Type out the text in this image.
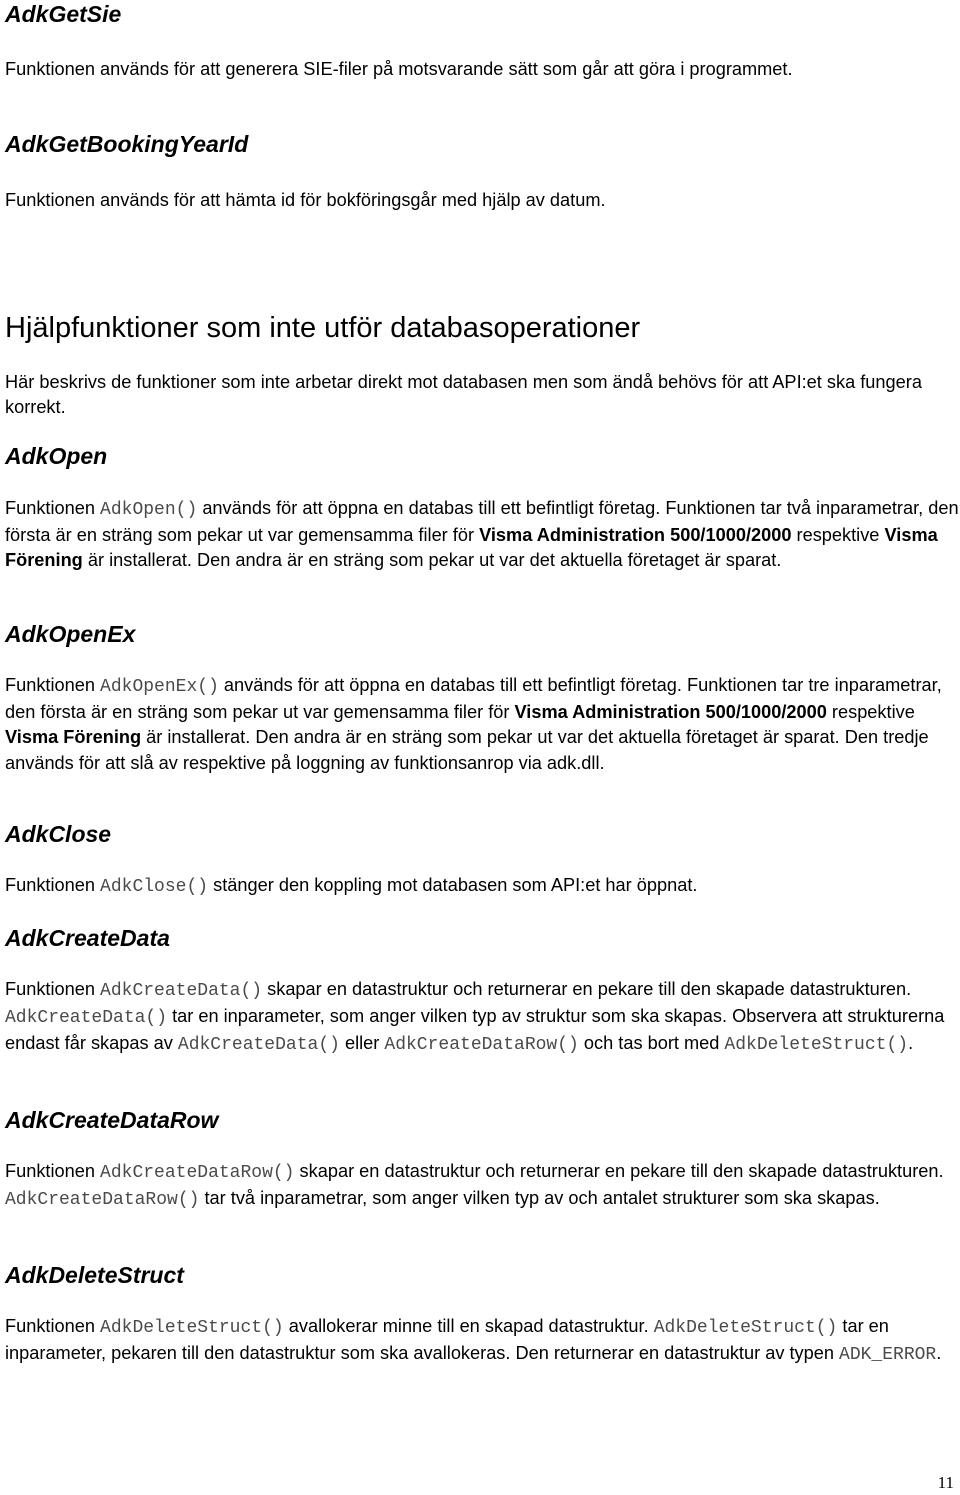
AdkGetSie

Funktionen används för att generera SIE-filer på motsvarande sätt som går att göra i programmet.

AdkGetBookingYearId

Funktionen används för att hämta id för bokföringsgår med hjälp av datum.

Hjälpfunktioner som inte utför databasoperationer

Här beskrivs de funktioner som inte arbetar direkt mot databasen men som ändå behövs för att API:et ska fungera korrekt.

AdkOpen

Funktionen AdkOpen() används för att öppna en databas till ett befintligt företag. Funktionen tar två inparametrar, den första är en sträng som pekar ut var gemensamma filer för Visma Administration 500/1000/2000 respektive Visma Förening är installerat. Den andra är en sträng som pekar ut var det aktuella företaget är sparat.

AdkOpenEx

Funktionen AdkOpenEx() används för att öppna en databas till ett befintligt företag. Funktionen tar tre inparametrar, den första är en sträng som pekar ut var gemensamma filer för Visma Administration 500/1000/2000 respektive Visma Förening är installerat. Den andra är en sträng som pekar ut var det aktuella företaget är sparat. Den tredje används för att slå av respektive på loggning av funktionsanrop via adk.dll.

AdkClose

Funktionen AdkClose() stänger den koppling mot databasen som API:et har öppnat.

AdkCreateData

Funktionen AdkCreateData() skapar en datastruktur och returnerar en pekare till den skapade datastrukturen. AdkCreateData() tar en inparameter, som anger vilken typ av struktur som ska skapas. Observera att strukturerna endast får skapas av AdkCreateData() eller AdkCreateDataRow() och tas bort med AdkDeleteStruct().

AdkCreateDataRow

Funktionen AdkCreateDataRow() skapar en datastruktur och returnerar en pekare till den skapade datastrukturen. AdkCreateDataRow() tar två inparametrar, som anger vilken typ av och antalet strukturer som ska skapas.

AdkDeleteStruct

Funktionen AdkDeleteStruct() avallokerar minne till en skapad datastruktur. AdkDeleteStruct() tar en inparameter, pekaren till den datastruktur som ska avallokeras. Den returnerar en datastruktur av typen ADK_ERROR.

11
